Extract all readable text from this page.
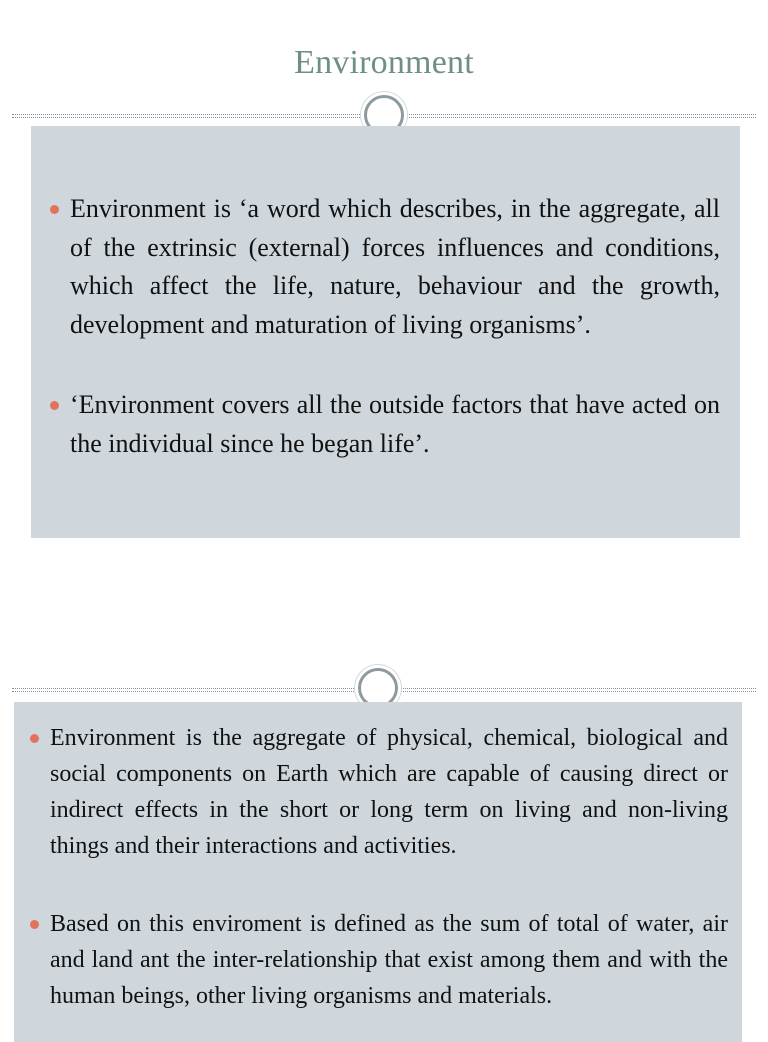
Environment
Environment is ‘a word which describes, in the aggregate, all of the extrinsic (external) forces influences and conditions, which affect the life, nature, behaviour and the growth, development and maturation of living organisms’.
‘Environment covers all the outside factors that have acted on the individual since he began life’.
Environment is the aggregate of physical, chemical, biological and social components on Earth which are capable of causing direct or indirect effects in the short or long term on living and non-living things and their interactions and activities.
Based on this enviroment is defined as the sum of total of water, air and land ant the inter-relationship that exist among them and with the human beings, other living organisms and materials.
